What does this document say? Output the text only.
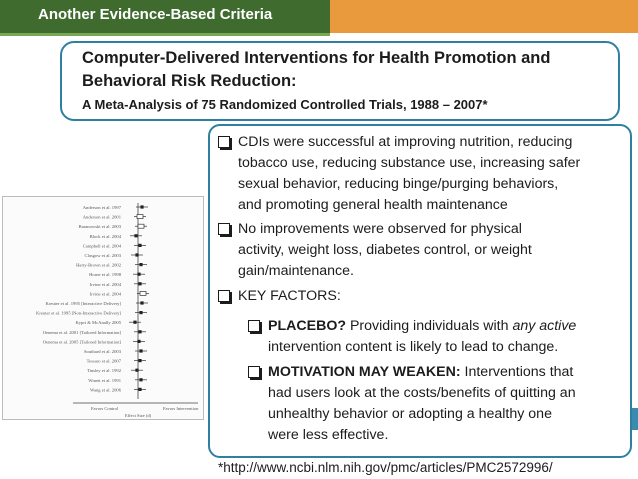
Another Evidence-Based Criteria
Computer-Delivered Interventions for Health Promotion and
Behavioral Risk Reduction:
A Meta-Analysis of 75 Randomized Controlled Trials, 1988 – 2007*
Anderson et al. 1997
Anderson et al. 2001
Baranowski et al. 2003
Block et al. 2004
Campbell et al. 2004
Clasgow et al. 2003
Harty-Brown et al. 2002
Horne et al. 1998
Irvine et al. 2004
Irvine et al. 2004
Kreuter et al. 1995 [Interactive Delivery]
Kreuter et al. 1995 [Non-Interactive Delivery]
Kypri & McAnally 2005
Oenema et al. 2001 [Tailored Information]
Oenema et al. 2005 [Tailored Information]
Southard et al. 2003
Tessaro et al. 2007
Tinsley et al. 1992
Winett et al. 1991
Wang et al. 2006
Favors Control	Favors Intervention
Effect Size (d)
CDIs were successful at improving nutrition, reducing
tobacco use, reducing substance use, increasing safer
sexual behavior, reducing binge/purging behaviors,
and promoting general health maintenance
No improvements were observed for physical
activity, weight loss, diabetes control, or weight
gain/maintenance.
KEY FACTORS:
PLACEBO? Providing individuals with any active
intervention content is likely to lead to change.
MOTIVATION MAY WEAKEN: Interventions that
had users look at the costs/benefits of quitting an
unhealthy behavior or adopting a healthy one
were less effective.
*http://www.ncbi.nlm.nih.gov/pmc/articles/PMC2572996/
